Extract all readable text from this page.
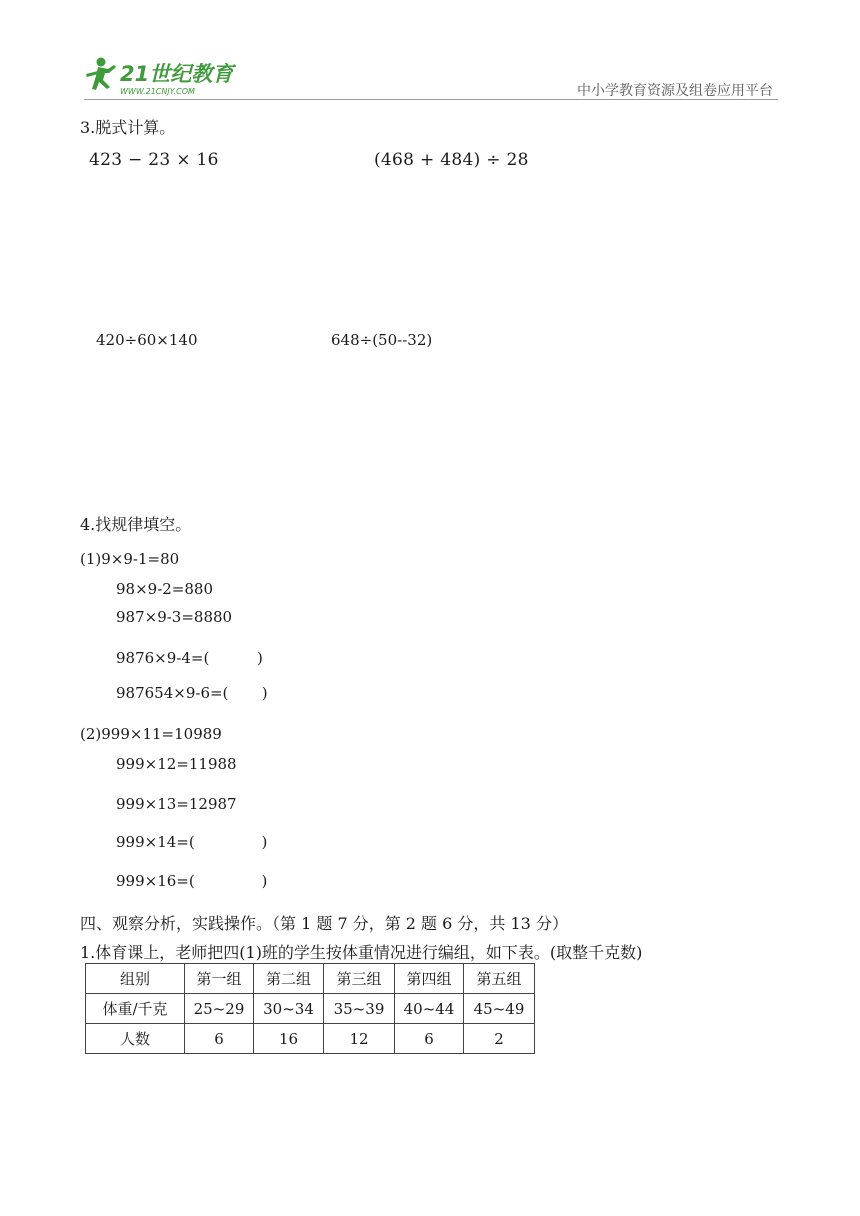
21世纪教育
WWW.21CNJY.COM	中小学教育资源及组卷应用平台
3.脱式计算。
423 − 23 × 16	(468 + 484) ÷ 28
420÷60×140	648÷(50--32)
4.找规律填空。
(1)9×9-1=80
98×9-2=880
987×9-3=8880
9876×9-4=(          )
987654×9-6=(       )
(2)999×11=10989
999×12=11988
999×13=12987
999×14=(              )
999×16=(              )
四、观察分析，实践操作。（第 1 题 7 分，第 2 题 6 分，共 13 分）
1.体育课上，老师把四(1)班的学生按体重情况进行编组，如下表。(取整千克数)
组别	第一组	第二组	第三组	第四组	第五组
体重/千克	25~29	30~34	35~39	40~44	45~49
人数	6	16	12	6	2
